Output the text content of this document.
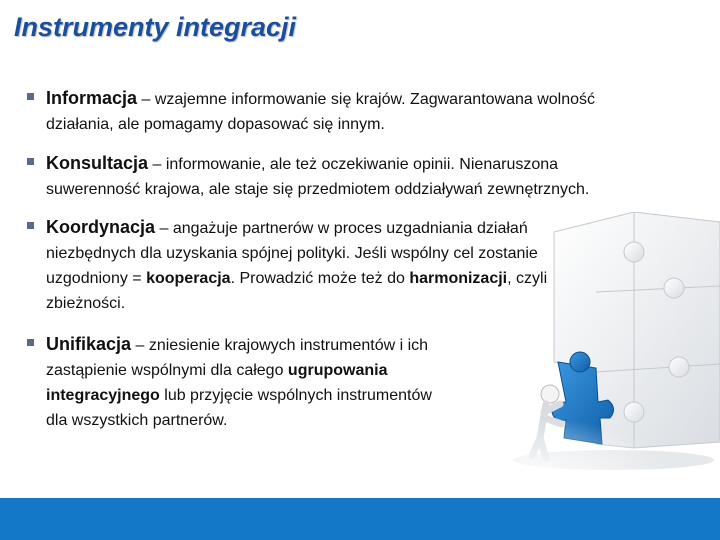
Instrumenty integracji
Informacja – wzajemne informowanie się krajów. Zagwarantowana wolność
działania, ale pomagamy dopasować się innym.
Konsultacja – informowanie, ale też oczekiwanie opinii. Nienaruszona
suwerenność krajowa, ale staje się przedmiotem oddziaływań zewnętrznych.
Koordynacja – angażuje partnerów w proces uzgadniania działań
niezbędnych dla uzyskania spójnej polityki. Jeśli wspólny cel zostanie
uzgodniony = kooperacja. Prowadzić może też do harmonizacji, czyli
zbieżności.
Unifikacja – zniesienie krajowych instrumentów i ich
zastąpienie wspólnymi dla całego ugrupowania
integracyjnego lub przyjęcie wspólnych instrumentów
dla wszystkich partnerów.
